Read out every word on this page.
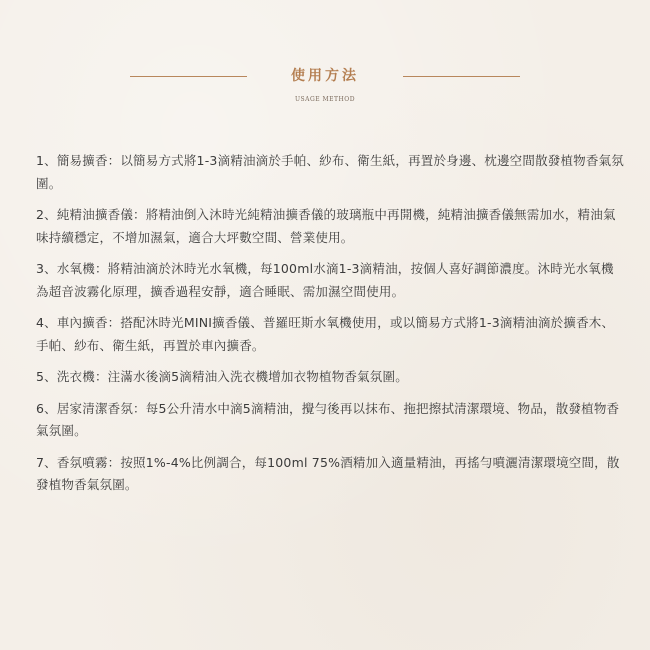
使用方法
USAGE METHOD
1、簡易擴香：以簡易方式將1-3滴精油滴於手帕、紗布、衛生紙，再置於身邊、枕邊空間散發植物香氣氛圍。
2、純精油擴香儀：將精油倒入沐時光純精油擴香儀的玻璃瓶中再開機，純精油擴香儀無需加水，精油氣味持續穩定，不增加濕氣，適合大坪數空間、營業使用。
3、水氧機：將精油滴於沐時光水氧機，每100ml水滴1-3滴精油，按個人喜好調節濃度。沐時光水氧機為超音波霧化原理，擴香過程安靜，適合睡眠、需加濕空間使用。
4、車內擴香：搭配沐時光MINI擴香儀、普羅旺斯水氧機使用，或以簡易方式將1-3滴精油滴於擴香木、手帕、紗布、衛生紙，再置於車內擴香。
5、洗衣機：注滿水後滴5滴精油入洗衣機增加衣物植物香氣氛圍。
6、居家清潔香氛：每5公升清水中滴5滴精油，攪勻後再以抹布、拖把擦拭清潔環境、物品，散發植物香氣氛圍。
7、香氛噴霧：按照1%-4%比例調合，每100ml 75%酒精加入適量精油，再搖勻噴灑清潔環境空間，散發植物香氣氛圍。
